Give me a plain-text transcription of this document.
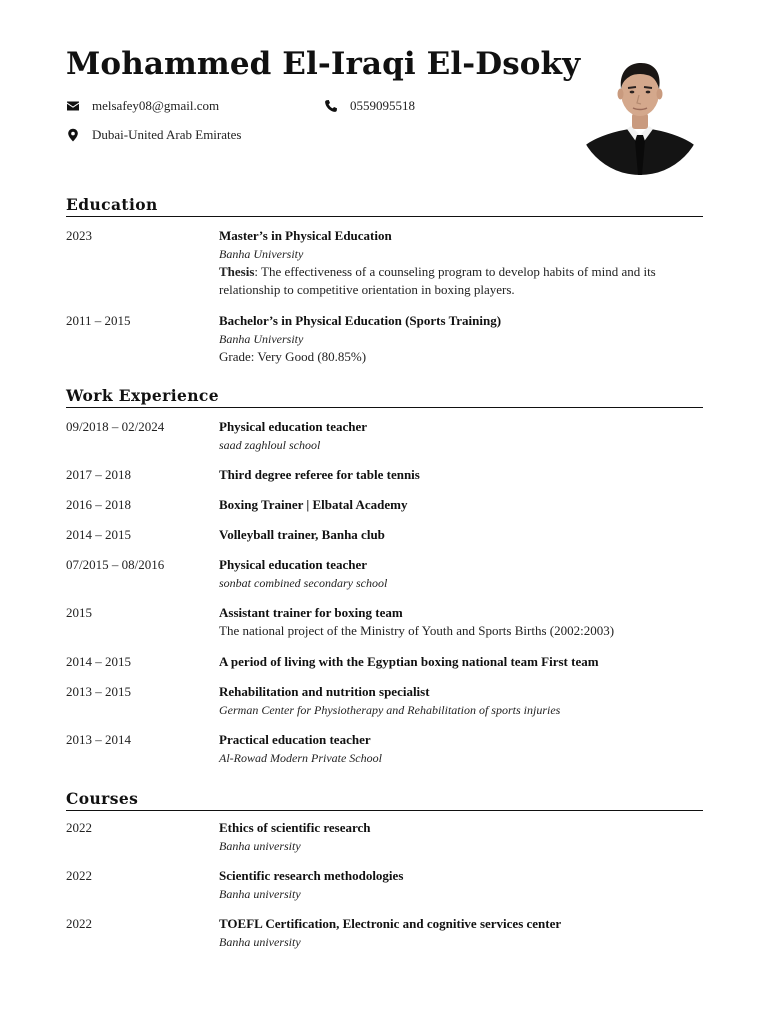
Mohammed El-Iraqi El-Dsoky
melsafey08@gmail.com	0559095518
Dubai-United Arab Emirates
Education
2023	Master’s in Physical Education
Banha University
Thesis: The effectiveness of a counseling program to develop habits of mind and its relationship to competitive orientation in boxing players.
2011 – 2015	Bachelor’s in Physical Education (Sports Training)
Banha University
Grade: Very Good (80.85%)
Work Experience
09/2018 – 02/2024	Physical education teacher
saad zaghloul school
2017 – 2018	Third degree referee for table tennis
2016 – 2018	Boxing Trainer | Elbatal Academy
2014 – 2015	Volleyball trainer, Banha club
07/2015 – 08/2016	Physical education teacher
sonbat combined secondary school
2015	Assistant trainer for boxing team
The national project of the Ministry of Youth and Sports Births (2002:2003)
2014 – 2015	A period of living with the Egyptian boxing national team First team
2013 – 2015	Rehabilitation and nutrition specialist
German Center for Physiotherapy and Rehabilitation of sports injuries
2013 – 2014	Practical education teacher
Al-Rowad Modern Private School
Courses
2022	Ethics of scientific research
Banha university
2022	Scientific research methodologies
Banha university
2022	TOEFL Certification, Electronic and cognitive services center
Banha university
